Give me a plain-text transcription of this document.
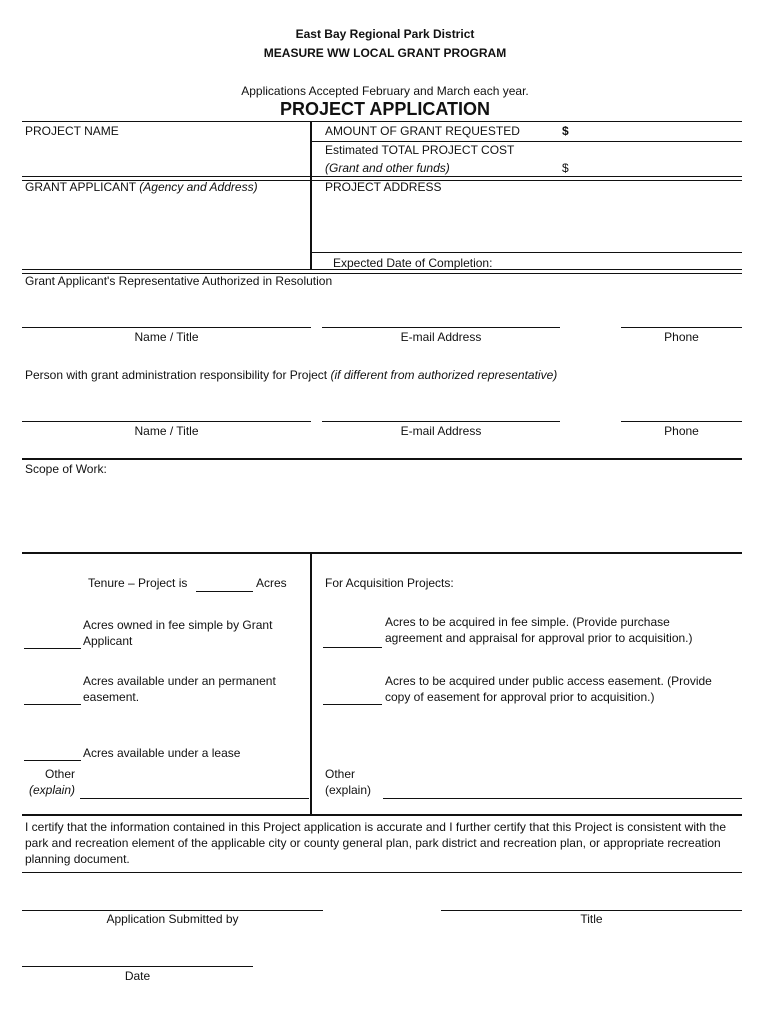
East Bay Regional Park District
MEASURE WW LOCAL GRANT PROGRAM
Applications Accepted February and March each year.
PROJECT APPLICATION
PROJECT NAME	AMOUNT OF GRANT REQUESTED	$
Estimated TOTAL PROJECT COST
(Grant and other funds)	$
GRANT APPLICANT (Agency and Address)	PROJECT ADDRESS
Expected Date of Completion:
Grant Applicant's Representative Authorized in Resolution
Name / Title	E-mail Address	Phone
Person with grant administration responsibility for Project (if different from authorized representative)
Name / Title	E-mail Address	Phone
Scope of Work:
Tenure – Project is	Acres
Acres owned in fee simple by Grant Applicant
Acres available under an permanent easement.
Acres available under a lease
Other
(explain)
For Acquisition Projects:
Acres to be acquired in fee simple. (Provide purchase agreement and appraisal for approval prior to acquisition.)
Acres to be acquired under public access easement. (Provide copy of easement for approval prior to acquisition.)
Other
(explain)
I certify that the information contained in this Project application is accurate and I further certify that this Project is consistent with the park and recreation element of the applicable city or county general plan, park district and recreation plan, or appropriate recreation planning document.
Application Submitted by	Title
Date
